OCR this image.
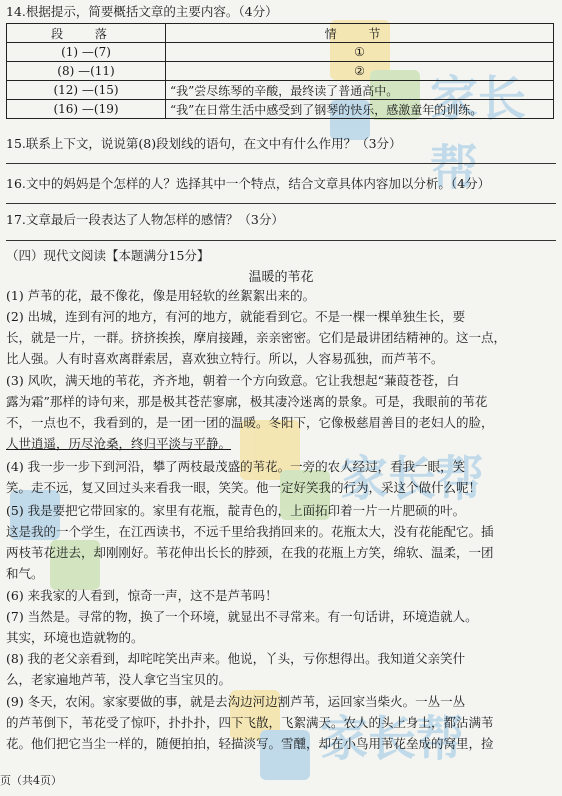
家长帮
家长帮
家长帮
14.根据提示，简要概括文章的主要内容。（4分）
段 落	情 节
(1) —(7)	①
(8) —(11)	②
(12) —(15)	“我”尝尽练琴的辛酸，最终读了普通高中。
(16) —(19)	“我”在日常生活中感受到了钢琴的快乐，感激童年的训练。
15.联系上下文，说说第(8)段划线的语句，在文中有什么作用？（3分）
16.文中的妈妈是个怎样的人？选择其中一个特点，结合文章具体内容加以分析。（4分）
17.文章最后一段表达了人物怎样的感情？（3分）
（四）现代文阅读【本题满分15分】
温暖的苇花
(1) 芦苇的花，最不像花，像是用轻软的丝絮絮出来的。
(2) 出城，连到有河的地方，有河的地方，就能看到它。不是一棵一棵单独生长，要
长，就是一片，一群。挤挤挨挨，摩肩接踵，亲亲密密。它们是最讲团结精神的。这一点，
比人强。人有时喜欢离群索居，喜欢独立特行。所以，人容易孤独，而芦苇不。
(3) 风吹，满天地的苇花，齐齐地，朝着一个方向致意。它让我想起“蒹葭苍苍，白
露为霜”那样的诗句来，那是极其苍茫寥廓，极其凄冷迷离的景象。可是，我眼前的苇花
不，一点也不，我看到的，是一团一团的温暖。冬阳下，它像极慈眉善目的老妇人的脸，
人世逍遥，历尽沧桑，终归平淡与平静。
(4) 我一步一步下到河沿，攀了两枝最茂盛的苇花。一旁的农人经过，看我一眼，笑
笑。走不远，复又回过头来看我一眼，笑笑。他一定好笑我的行为，采这个做什么呢！
(5) 我是要把它带回家的。家里有花瓶，靛青色的，上面拓印着一片一片肥硕的叶。
这是我的一个学生，在江西读书，不远千里给我捎回来的。花瓶太大，没有花能配它。插
两枝苇花进去，却刚刚好。苇花伸出长长的脖颈，在我的花瓶上方笑，绵软、温柔，一团
和气。
(6) 来我家的人看到，惊奇一声，这不是芦苇吗！
(7) 当然是。寻常的物，换了一个环境，就显出不寻常来。有一句话讲，环境造就人。
其实，环境也造就物的。
(8) 我的老父亲看到，却咤咤笑出声来。他说，丫头，亏你想得出。我知道父亲笑什
么，老家遍地芦苇，没人拿它当宝贝的。
(9) 冬天，农闲。家家要做的事，就是去沟边河边割芦苇，运回家当柴火。一丛一丛
的芦苇倒下，苇花受了惊吓，扑扑扑，四下飞散，飞絮满天。农人的头上身上，都沾满苇
花。他们把它当尘一样的，随便拍拍，轻描淡写。雪醺，却在小鸟用苇花垒成的窝里，捡
页（共4页）
